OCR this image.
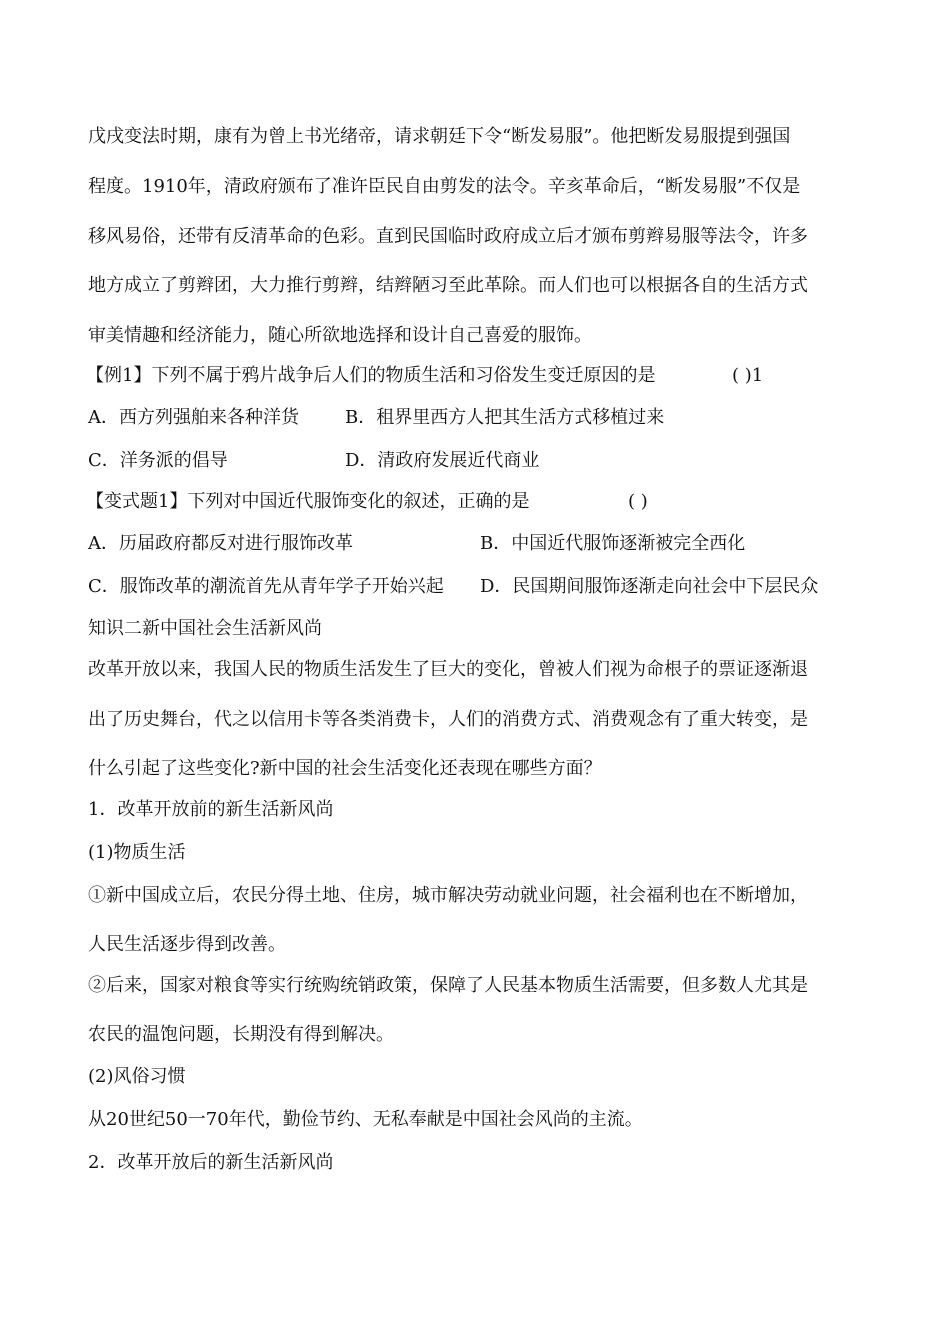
戊戌变法时期，康有为曾上书光绪帝，请求朝廷下令“断发易服”。他把断发易服提到强国
程度。1910年，清政府颁布了准许臣民自由剪发的法令。辛亥革命后，“断发易服”不仅是
移风易俗，还带有反清革命的色彩。直到民国临时政府成立后才颁布剪辫易服等法令，许多
地方成立了剪辫团，大力推行剪辫，结辫陋习至此革除。而人们也可以根据各自的生活方式
审美情趣和经济能力，随心所欲地选择和设计自己喜爱的服饰。
【例1】下列不属于鸦片战争后人们的物质生活和习俗发生变迁原因的是	( )1
A．西方列强舶来各种洋货	B．租界里西方人把其生活方式移植过来
C．洋务派的倡导	D．清政府发展近代商业
【变式题1】下列对中国近代服饰变化的叙述，正确的是	( )
A．历届政府都反对进行服饰改革	B．中国近代服饰逐渐被完全西化
C．服饰改革的潮流首先从青年学子开始兴起 D．民国期间服饰逐渐走向社会中下层民众
知识二新中国社会生活新风尚
改革开放以来，我国人民的物质生活发生了巨大的变化，曾被人们视为命根子的票证逐渐退
出了历史舞台，代之以信用卡等各类消费卡，人们的消费方式、消费观念有了重大转变，是
什么引起了这些变化?新中国的社会生活变化还表现在哪些方面？
1．改革开放前的新生活新风尚
(1)物质生活
①新中国成立后，农民分得土地、住房，城市解决劳动就业问题，社会福利也在不断增加，
人民生活逐步得到改善。
②后来，国家对粮食等实行统购统销政策，保障了人民基本物质生活需要，但多数人尤其是
农民的温饱问题，长期没有得到解决。
(2)风俗习惯
从20世纪50一70年代，勤俭节约、无私奉献是中国社会风尚的主流。
2．改革开放后的新生活新风尚
